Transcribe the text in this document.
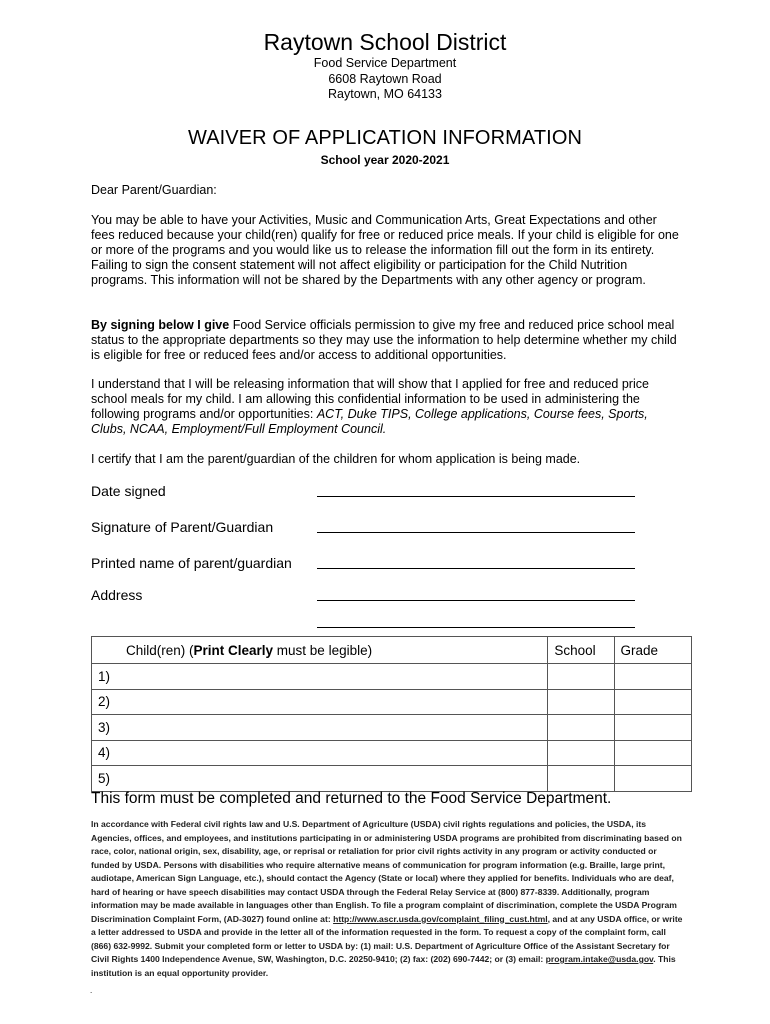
Raytown School District
Food Service Department
6608 Raytown Road
Raytown, MO 64133
WAIVER OF APPLICATION INFORMATION
School year 2020-2021
Dear Parent/Guardian:
You may be able to have your Activities, Music and Communication Arts, Great Expectations and other fees reduced because your child(ren) qualify for free or reduced price meals. If your child is eligible for one or more of the programs and you would like us to release the information fill out the form in its entirety. Failing to sign the consent statement will not affect eligibility or participation for the Child Nutrition programs. This information will not be shared by the Departments with any other agency or program.
By signing below I give Food Service officials permission to give my free and reduced price school meal status to the appropriate departments so they may use the information to help determine whether my child is eligible for free or reduced fees and/or access to additional opportunities.
I understand that I will be releasing information that will show that I applied for free and reduced price school meals for my child. I am allowing this confidential information to be used in administering the following programs and/or opportunities: ACT, Duke TIPS, College applications, Course fees, Sports, Clubs, NCAA, Employment/Full Employment Council.
I certify that I am the parent/guardian of the children for whom application is being made.
Date signed
Signature of Parent/Guardian
Printed name of parent/guardian
Address
Child(ren) (Print Clearly must be legible)	School	Grade
1)		
2)		
3)		
4)		
5)		
This form must be completed and returned to the Food Service Department.
In accordance with Federal civil rights law and U.S. Department of Agriculture (USDA) civil rights regulations and policies, the USDA, its Agencies, offices, and employees, and institutions participating in or administering USDA programs are prohibited from discriminating based on race, color, national origin, sex, disability, age, or reprisal or retaliation for prior civil rights activity in any program or activity conducted or funded by USDA. Persons with disabilities who require alternative means of communication for program information (e.g. Braille, large print, audiotape, American Sign Language, etc.), should contact the Agency (State or local) where they applied for benefits. Individuals who are deaf, hard of hearing or have speech disabilities may contact USDA through the Federal Relay Service at (800) 877-8339. Additionally, program information may be made available in languages other than English. To file a program complaint of discrimination, complete the USDA Program Discrimination Complaint Form, (AD-3027) found online at: http://www.ascr.usda.gov/complaint_filing_cust.html, and at any USDA office, or write a letter addressed to USDA and provide in the letter all of the information requested in the form. To request a copy of the complaint form, call (866) 632-9992. Submit your completed form or letter to USDA by: (1) mail: U.S. Department of Agriculture Office of the Assistant Secretary for Civil Rights 1400 Independence Avenue, SW, Washington, D.C. 20250-9410; (2) fax: (202) 690-7442; or (3) email: program.intake@usda.gov. This institution is an equal opportunity provider.
.
